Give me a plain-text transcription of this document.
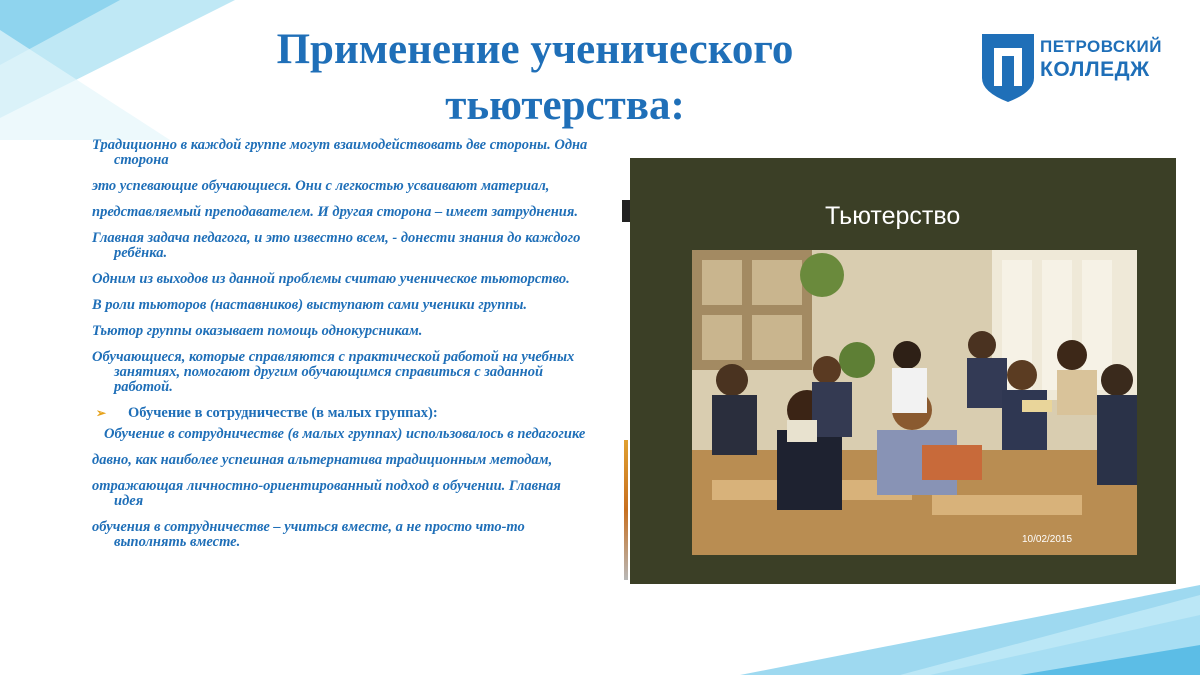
Применение ученического
тьютерства:
ПЕТРОВСКИЙ
КОЛЛЕДЖ

Традиционно в каждой группе могут взаимодействовать две стороны. Одна сторона

это успевающие обучающиеся. Они с легкостью усваивают материал,

представляемый преподавателем. И другая сторона – имеет затруднения.

Главная задача педагога, и это известно всем, - донести знания до каждого ребёнка.

Одним из выходов из данной проблемы считаю ученическое тьюторство.

В роли тьюторов (наставников) выступают сами ученики группы.

Тьютор группы оказывает помощь однокурсникам.

Обучающиеся, которые справляются с практической работой на учебных занятиях, помогают другим обучающимся справиться с заданной работой.

➢ Обучение в сотрудничестве (в малых группах):

Обучение в сотрудничестве (в малых группах) использовалось в педагогике

давно, как наиболее успешная альтернатива традиционным методам,

отражающая личностно-ориентированный подход в обучении. Главная идея

обучения в сотрудничестве – учиться вместе, а не просто что-то выполнять вместе.

Тьютерство
10/02/2015
